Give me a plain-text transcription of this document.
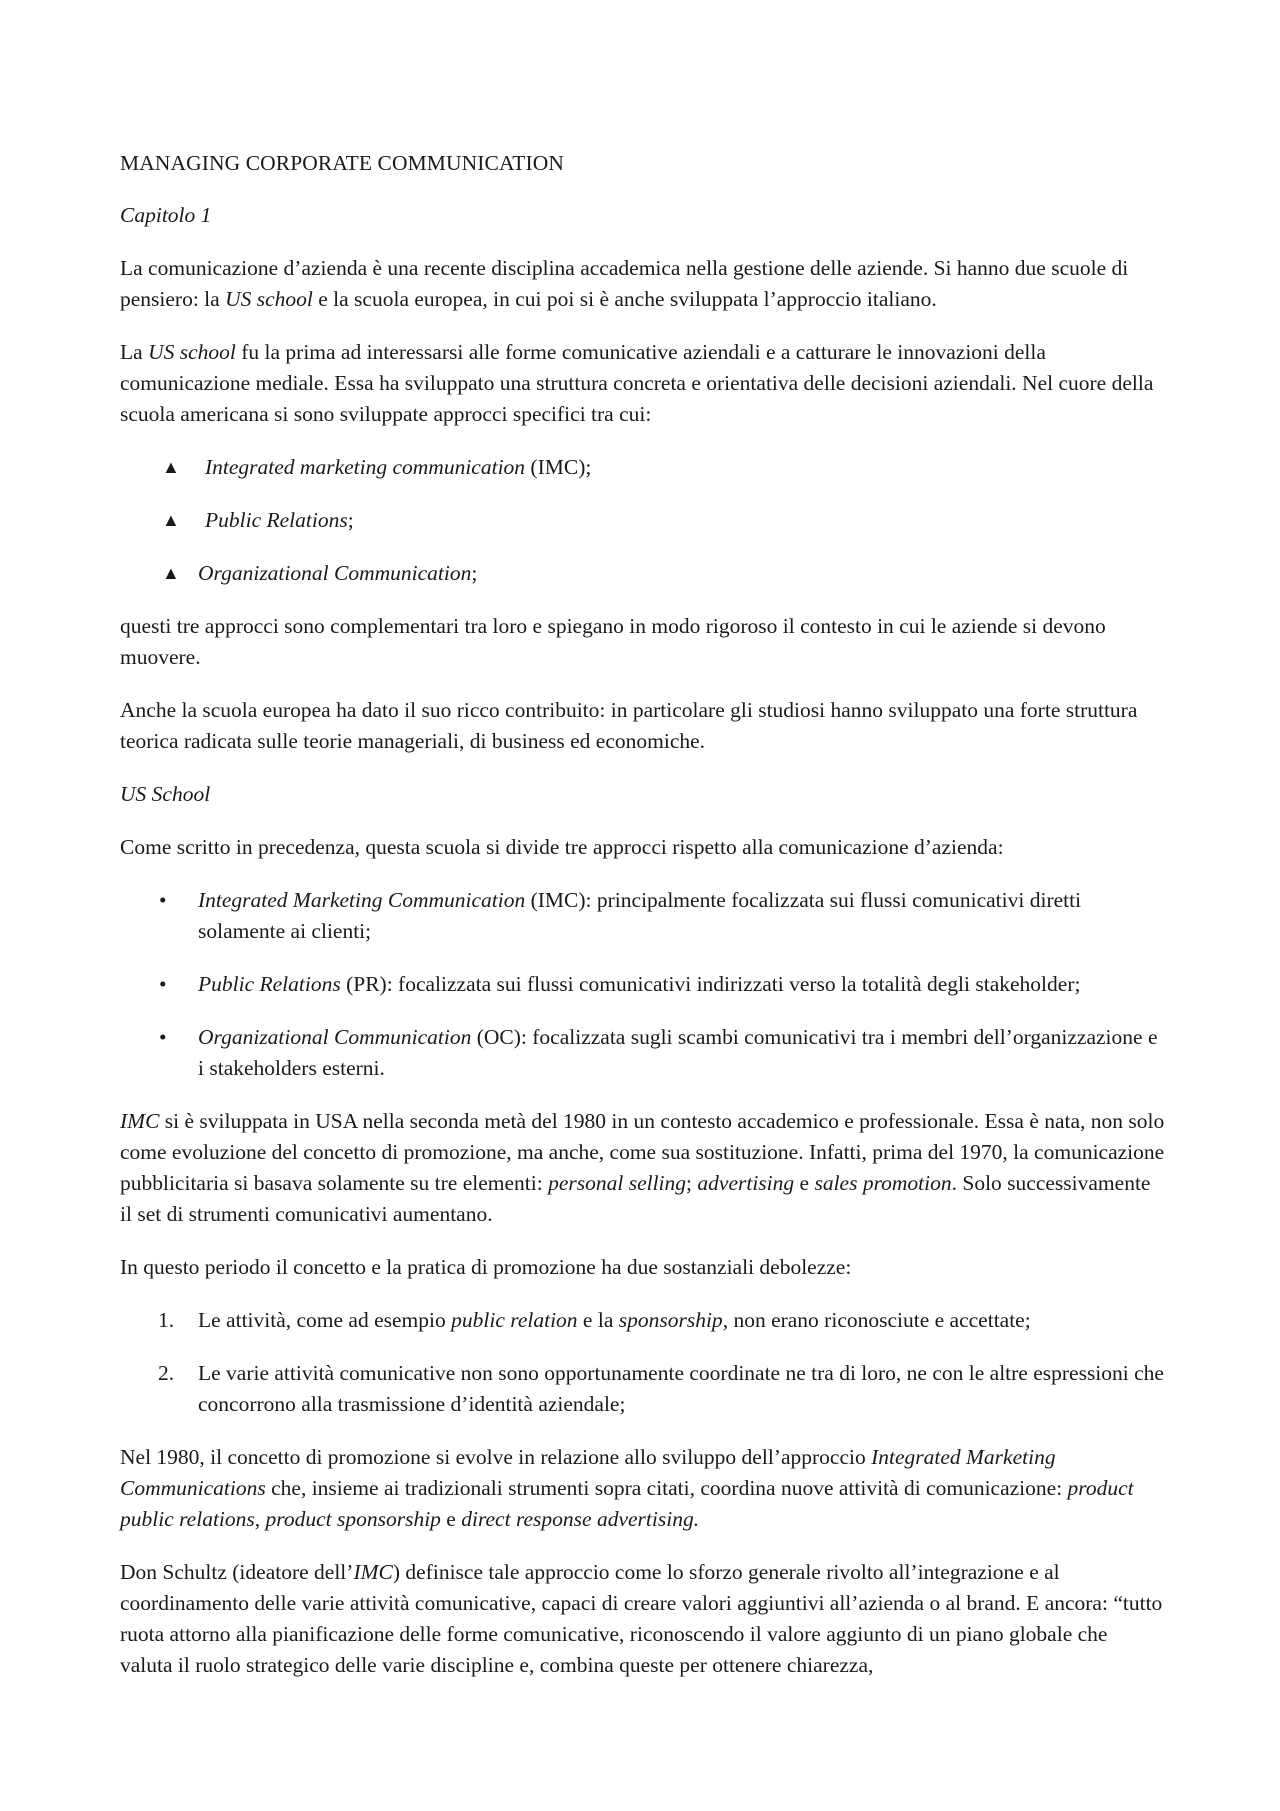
MANAGING CORPORATE COMMUNICATION

Capitolo 1

La comunicazione d’azienda è una recente disciplina accademica nella gestione delle aziende. Si hanno due scuole di pensiero: la US school e la scuola europea, in cui poi si è anche sviluppata l’approccio italiano.

La US school fu la prima ad interessarsi alle forme comunicative aziendali e a catturare le innovazioni della comunicazione mediale. Essa ha sviluppato una struttura concreta e orientativa delle decisioni aziendali. Nel cuore della scuola americana si sono sviluppate approcci specifici tra cui:

▲ Integrated marketing communication (IMC);
▲ Public Relations;
▲ Organizational Communication;

questi tre approcci sono complementari tra loro e spiegano in modo rigoroso il contesto in cui le aziende si devono muovere.

Anche la scuola europea ha dato il suo ricco contribuito: in particolare gli studiosi hanno sviluppato una forte struttura teorica radicata sulle teorie manageriali, di business ed economiche.

US School

Come scritto in precedenza, questa scuola si divide tre approcci rispetto alla comunicazione d’azienda:

• Integrated Marketing Communication (IMC): principalmente focalizzata sui flussi comunicativi diretti solamente ai clienti;
• Public Relations (PR): focalizzata sui flussi comunicativi indirizzati verso la totalità degli stakeholder;
• Organizational Communication (OC): focalizzata sugli scambi comunicativi tra i membri dell’organizzazione e i stakeholders esterni.

IMC si è sviluppata in USA nella seconda metà del 1980 in un contesto accademico e professionale. Essa è nata, non solo come evoluzione del concetto di promozione, ma anche, come sua sostituzione. Infatti, prima del 1970, la comunicazione pubblicitaria si basava solamente su tre elementi: personal selling; advertising e sales promotion. Solo successivamente il set di strumenti comunicativi aumentano.

In questo periodo il concetto e la pratica di promozione ha due sostanziali debolezze:

1. Le attività, come ad esempio public relation e la sponsorship, non erano riconosciute e accettate;
2. Le varie attività comunicative non sono opportunamente coordinate ne tra di loro, ne con le altre espressioni che concorrono alla trasmissione d’identità aziendale;

Nel 1980, il concetto di promozione si evolve in relazione allo sviluppo dell’approccio Integrated Marketing Communications che, insieme ai tradizionali strumenti sopra citati, coordina nuove attività di comunicazione: product public relations, product sponsorship e direct response advertising.

Don Schultz (ideatore dell’IMC) definisce tale approccio come lo sforzo generale rivolto all’integrazione e al coordinamento delle varie attività comunicative, capaci di creare valori aggiuntivi all’azienda o al brand. E ancora: “tutto ruota attorno alla pianificazione delle forme comunicative, riconoscendo il valore aggiunto di un piano globale che valuta il ruolo strategico delle varie discipline e, combina queste per ottenere chiarezza,
